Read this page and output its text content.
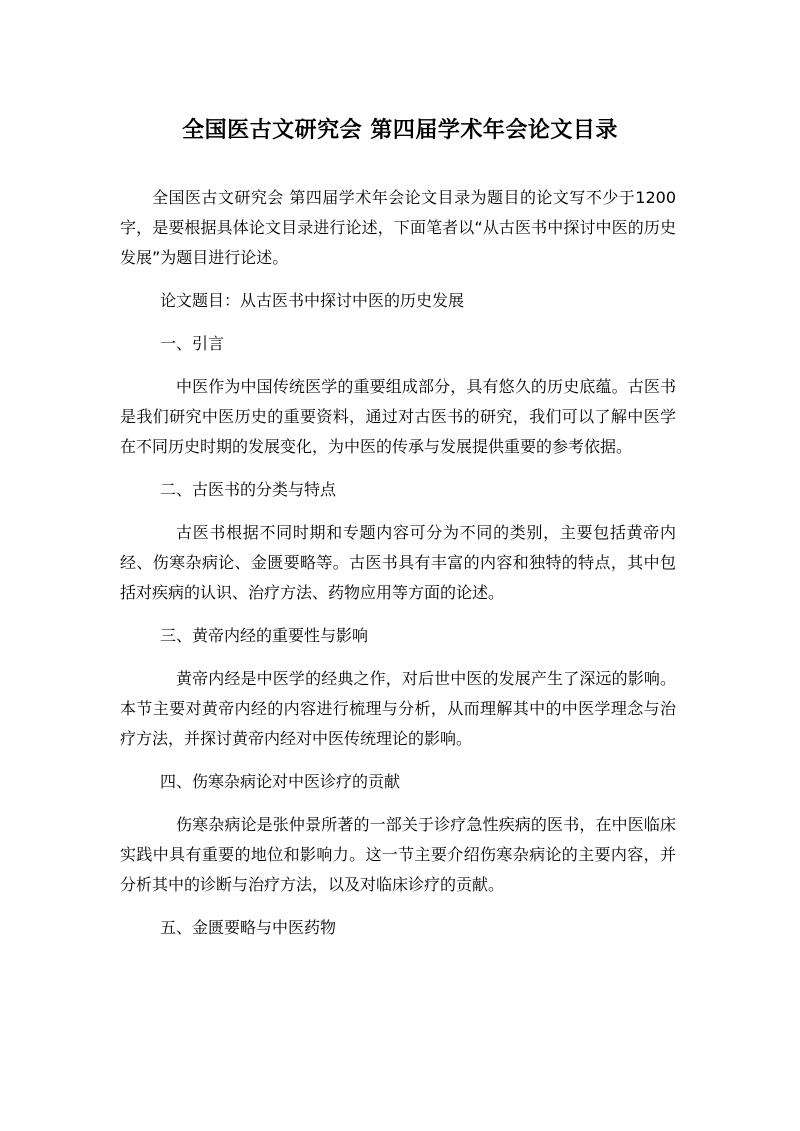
全国医古文研究会 第四届学术年会论文目录

全国医古文研究会 第四届学术年会论文目录为题目的论文写不少于1200字，是要根据具体论文目录进行论述，下面笔者以“从古医书中探讨中医的历史发展”为题目进行论述。

论文题目：从古医书中探讨中医的历史发展

一、引言

中医作为中国传统医学的重要组成部分，具有悠久的历史底蕴。古医书是我们研究中医历史的重要资料，通过对古医书的研究，我们可以了解中医学在不同历史时期的发展变化，为中医的传承与发展提供重要的参考依据。

二、古医书的分类与特点

古医书根据不同时期和专题内容可分为不同的类别，主要包括黄帝内经、伤寒杂病论、金匮要略等。古医书具有丰富的内容和独特的特点，其中包括对疾病的认识、治疗方法、药物应用等方面的论述。

三、黄帝内经的重要性与影响

黄帝内经是中医学的经典之作，对后世中医的发展产生了深远的影响。本节主要对黄帝内经的内容进行梳理与分析，从而理解其中的中医学理念与治疗方法，并探讨黄帝内经对中医传统理论的影响。

四、伤寒杂病论对中医诊疗的贡献

伤寒杂病论是张仲景所著的一部关于诊疗急性疾病的医书，在中医临床实践中具有重要的地位和影响力。这一节主要介绍伤寒杂病论的主要内容，并分析其中的诊断与治疗方法，以及对临床诊疗的贡献。

五、金匮要略与中医药物
